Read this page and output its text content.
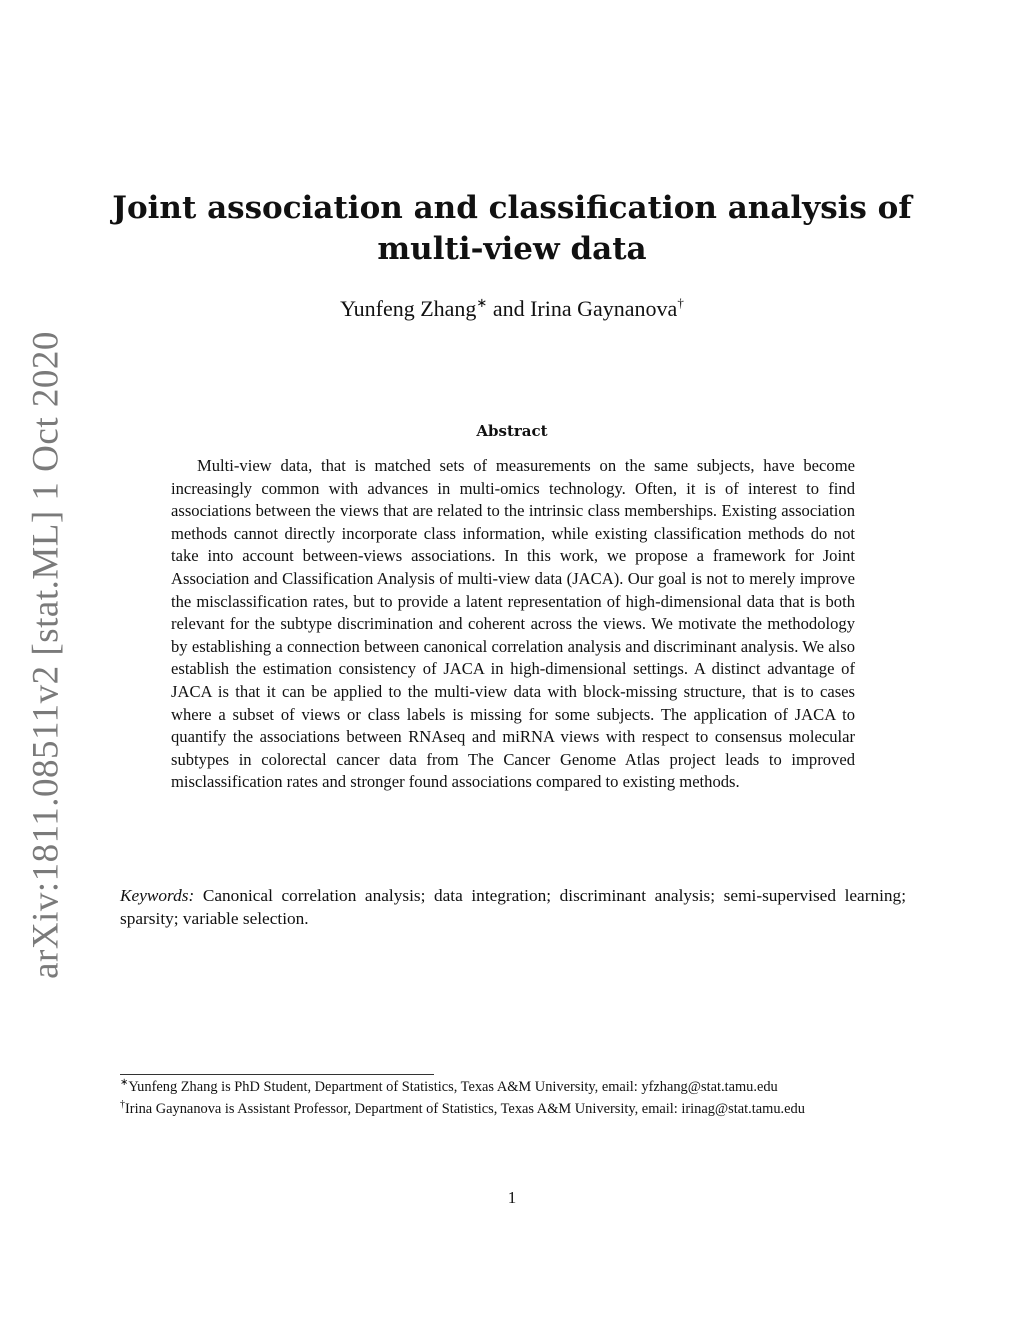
arXiv:1811.08511v2 [stat.ML] 1 Oct 2020
Joint association and classification analysis of
multi-view data
Yunfeng Zhang∗ and Irina Gaynanova†
Abstract

Multi-view data, that is matched sets of measurements on the same subjects, have become increasingly common with advances in multi-omics technology. Often, it is of interest to find associations between the views that are related to the intrinsic class memberships. Existing association methods cannot directly incorporate class information, while existing classification methods do not take into account between-views associations. In this work, we propose a framework for Joint Association and Classification Analysis of multi-view data (JACA). Our goal is not to merely improve the misclassification rates, but to provide a latent representation of high-dimensional data that is both relevant for the subtype discrimination and coherent across the views. We motivate the methodology by establishing a connection between canonical correlation analysis and discriminant analysis. We also establish the estimation consistency of JACA in high-dimensional settings. A distinct advantage of JACA is that it can be applied to the multi-view data with block-missing structure, that is to cases where a subset of views or class labels is missing for some subjects. The application of JACA to quantify the associations between RNAseq and miRNA views with respect to consensus molecular subtypes in colorectal cancer data from The Cancer Genome Atlas project leads to improved misclassification rates and stronger found associations compared to existing methods.

Keywords: Canonical correlation analysis; data integration; discriminant analysis; semi-supervised learning; sparsity; variable selection.

∗Yunfeng Zhang is PhD Student, Department of Statistics, Texas A&M University, email: yfzhang@stat.tamu.edu

†Irina Gaynanova is Assistant Professor, Department of Statistics, Texas A&M University, email: irinag@stat.tamu.edu

1
